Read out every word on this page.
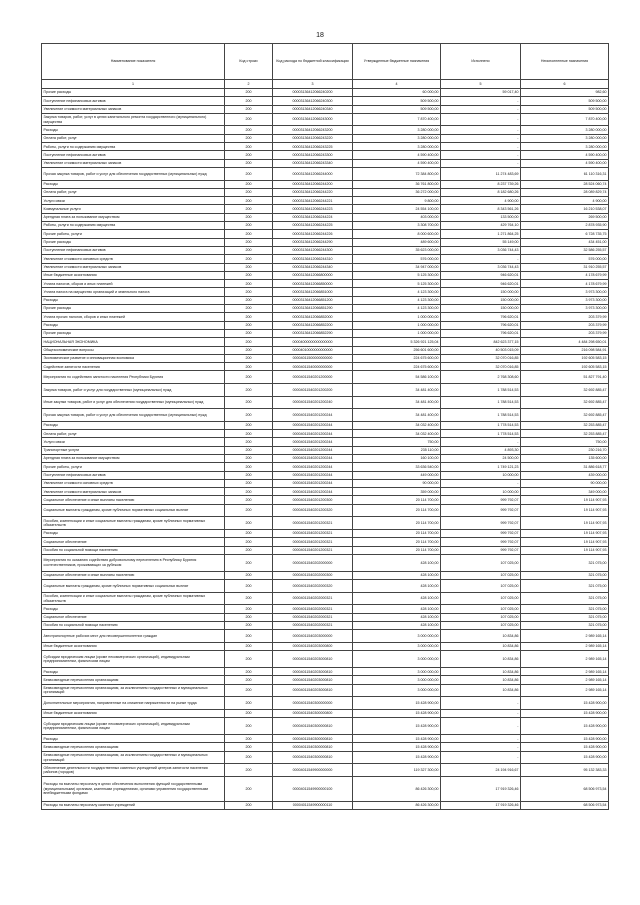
18
Наименование показателя	Код строки	Код расхода по бюджетной классификации	Утвержденные бюджетные назначения	Исполнено	Неисполненные назначения
1	2	3	4	5	6
Прочие расходы	200	00003136412066240200	60 000,00	59 017,40	982,60
Поступление нефинансовых активов	200	00003136412066240300	509 500,00	-	509 500,00
Увеличение стоимости материальных запасов	200	00003136412066240340	509 500,00	-	509 500,00
Закупка товаров, работ, услуг в целях капитального ремонта государственного (муниципального) имущества	200	00003136412066243000	7 870 400,00	-	7 870 400,00
Расходы	200	00003136412066243200	3 280 000,00	-	3 280 000,00
Оплата работ, услуг	200	00003136412066243220	3 280 000,00	-	3 280 000,00
Работы, услуги по содержанию имущества	200	00003136412066243225	3 280 000,00	-	3 280 000,00
Поступление нефинансовых активов	200	00003136412066243300	4 590 400,00	-	4 590 400,00
Увеличение стоимости материальных запасов	200	00003136412066243340	4 590 400,00	-	4 590 400,00
Прочая закупка товаров, работ и услуг для обеспечения государственных (муниципальных) нужд	200	00003136412066244000	72 384 800,00	11 274 483,69	61 110 316,31
Расходы	200	00003136412066244200	36 761 800,00	8 237 739,26	28 524 060,74
Оплата работ, услуг	200	00003136412066244220	36 272 000,00	8 182 680,26	28 089 829,74
Услуги связи	200	00003136412066244221	9 800,00	4 900,00	4 900,00
Коммунальные услуги	200	00003136412066244223	24 554 100,00	8 343 561,26	16 210 538,07
Арендная плата за пользование имуществом	200	00003136412066244224	403 000,00	133 500,00	269 500,00
Работы, услуги по содержанию имущества	200	00003136412066244225	3 308 700,00	429 764,10	2 878 935,90
Прочие работы, услуги	200	00003136412066244226	8 000 600,00	1 271 864,25	6 728 735,75
Прочие расходы	200	00003136412066244290	489 600,00	55 149,00	434 451,00
Поступление нефинансовых активов	200	00003136412066244300	35 623 000,00	3 036 744,43	32 586 255,57
Увеличение стоимости основных средств	200	00003136412066244310	576 000,00	-	576 000,00
Увеличение стоимости материальных запасов	200	00003136412066244340	34 947 000,00	3 036 744,43	31 910 255,57
Иные бюджетные ассигнования	200	00003136412066800000	5 125 300,00	946 620,01	4 178 679,99
Уплата налогов, сборов и иных платежей	200	00003136412066850000	5 125 300,00	946 620,01	4 178 679,99
Уплата налога на имущество организаций и земельного налога	200	00003136412066851000	4 123 300,00	150 000,00	3 973 300,00
Расходы	200	00003136412066851200	4 123 300,00	150 000,00	3 973 300,00
Прочие расходы	200	00003136412066851290	4 123 300,00	150 000,00	3 973 300,00
Уплата прочих налогов, сборов и иных платежей	200	00003136412066852000	1 000 000,00	796 620,01	203 379,99
Расходы	200	00003136412066852200	1 000 000,00	796 620,01	203 379,99
Прочие расходы	200	00003136412066852290	1 000 000,00	796 620,01	203 379,99
НАЦИОНАЛЬНАЯ ЭКОНОМИКА	200	00004000000000000000	5 326 921 125,04	842 623 377,15	4 484 298 650,01
Общеэкономические вопросы	200	00004010000000000000	256 601 600,00	40 503 015,09	216 098 584,91
Экономическое развитие и инновационная экономика	200	00004011500000000000	224 675 600,00	32 070 016,85	192 605 583,15
Содействие занятости населения	200	00004011540000000000	224 675 600,00	32 070 016,85	192 605 583,15
Мероприятия по содействию занятости населения Республики Бурятия	200	00004011540201200000	54 586 100,00	2 768 308,60	51 827 791,40
Закупка товаров, работ и услуг для государственных (муниципальных) нужд	200	00004011540201200200	34 481 400,00	1 788 514,53	32 692 885,47
Иные закупки товаров, работ и услуг для обеспечения государственных (муниципальных) нужд	200	00004011540201200240	34 481 400,00	1 788 514,53	32 692 885,47
Прочая закупка товаров, работ и услуг для обеспечения государственных (муниципальных) нужд	200	00004011540201200244	34 481 400,00	1 788 514,53	32 692 885,47
Расходы	200	00004011540201200244	34 032 400,00	1 778 514,53	32 253 885,47
Оплата работ, услуг	200	00004011540201200244	34 032 400,00	1 778 514,53	32 253 885,47
Услуги связи	200	00004011540201200244	750,00	-	750,00
Транспортные услуги	200	00004011540201200244	235 110,00	4 893,30	230 216,70
Арендная плата за пользование имуществом	200	00004011540201200244	160 100,00	24 500,00	135 600,00
Прочие работы, услуги	200	00004011540201200244	33 636 540,00	1 749 121,23	31 886 618,77
Поступление нефинансовых активов	200	00004011540201200244	449 000,00	10 000,00	439 000,00
Увеличение стоимости основных средств	200	00004011540201200244	90 000,00	-	90 000,00
Увеличение стоимости материальных запасов	200	00004011540201200244	359 000,00	10 000,00	349 000,00
Социальное обеспечение и иные выплаты населению	200	00004011540201200300	20 114 700,00	999 792,07	19 114 907,93
Социальные выплаты гражданам, кроме публичных нормативных социальных выплат	200	00004011540201200320	20 114 700,00	999 792,07	19 114 907,93
Пособия, компенсации и иные социальные выплаты гражданам, кроме публичных нормативных обязательств	200	00004011540201200321	20 114 700,00	999 792,07	19 114 907,93
Расходы	200	00004011540201200321	20 114 700,00	999 792,07	19 114 907,93
Социальное обеспечение	200	00004011540201200321	20 114 700,00	999 792,07	19 114 907,93
Пособия по социальной помощи населению	200	00004011540201200321	20 114 700,00	999 792,07	19 114 907,93
Мероприятия по оказанию содействия добровольному переселению в Республику Бурятия соотечественников, проживающих за рубежом	200	00004011540202000000	428 100,00	107 025,00	321 075,00
Социальное обеспечение и иные выплаты населению	200	00004011540202000300	428 100,00	107 025,00	321 075,00
Социальные выплаты гражданам, кроме публичных нормативных социальных выплат	200	00004011540202000320	428 100,00	107 025,00	321 075,00
Пособия, компенсации и иные социальные выплаты гражданам, кроме публичных нормативных обязательств	200	00004011540202000321	428 100,00	107 025,00	321 075,00
Расходы	200	00004011540202000321	428 100,00	107 025,00	321 075,00
Социальное обеспечение	200	00004011540202000321	428 100,00	107 025,00	321 075,00
Пособия по социальной помощи населению	200	00004011540202000321	428 100,00	107 025,00	321 075,00
Автотранспортные рабочих мест для несовершеннолетних граждан	200	00004011540203000000	3 000 000,00	10 834,86	2 989 165,14
Иные бюджетные ассигнования	200	00004011540203000800	3 000 000,00	10 834,86	2 989 165,14
Субсидии юридическим лицам (кроме некоммерческих организаций), индивидуальным предпринимателям, физическим лицам	200	00004011540203000810	3 000 000,00	10 834,86	2 989 165,14
Расходы	200	00004011540203000810	3 000 000,00	10 834,86	2 989 165,14
Безвозмездные перечисления организациям	200	00004011540203000810	3 000 000,00	10 834,86	2 989 165,14
Безвозмездные перечисления организациям, за исключением государственных и муниципальных организаций	200	00004011540203000810	3 000 000,00	10 834,86	2 989 165,14
Дополнительные мероприятия, направленные на снижение напряженности на рынке труда	200	00004011540300000000	15 428 900,00	-	15 428 900,00
Иные бюджетные ассигнования	200	00004011540300000800	15 428 900,00	-	15 428 900,00
Субсидии юридическим лицам (кроме некоммерческих организаций), индивидуальным предпринимателям, физическим лицам	200	00004011540300000810	15 428 900,00	-	15 428 900,00
Расходы	200	00004011540300000810	15 428 900,00	-	15 428 900,00
Безвозмездные перечисления организациям	200	00004011540300000810	15 428 900,00	-	15 428 900,00
Безвозмездные перечисления организациям, за исключением государственных и муниципальных организаций	200	00004011540300000810	15 428 900,00	-	15 428 900,00
Обеспечение деятельности государственных казенных учреждений центров занятости населения районов (городов)	200	00004011549900000000	119 327 300,00	24 194 916,67	95 132 383,33
Расходы на выплаты персоналу в целях обеспечения выполнения функций государственными (муниципальными) органами, казенными учреждениями, органами управления государственными внебюджетными фондами	200	00004011549900000100	86 426 300,00	17 919 326,46	68 506 973,54
Расходы на выплаты персоналу казенных учреждений	200	00004011549900000110	86 426 300,00	17 919 326,46	68 506 973,54
